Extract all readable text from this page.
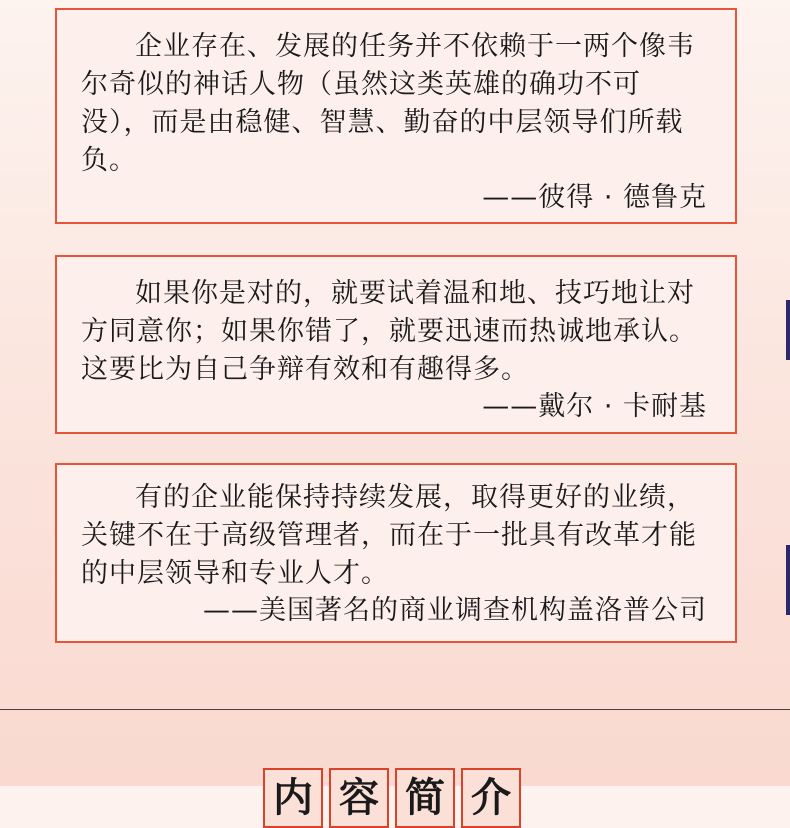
企业存在、发展的任务并不依赖于一两个像韦尔奇似的神话人物（虽然这类英雄的确功不可没），而是由稳健、智慧、勤奋的中层领导们所载负。

——彼得 · 德鲁克

如果你是对的，就要试着温和地、技巧地让对方同意你；如果你错了，就要迅速而热诚地承认。这要比为自己争辩有效和有趣得多。

——戴尔 · 卡耐基

有的企业能保持持续发展，取得更好的业绩，关键不在于高级管理者，而在于一批具有改革才能的中层领导和专业人才。

——美国著名的商业调查机构盖洛普公司

内 容 简 介
